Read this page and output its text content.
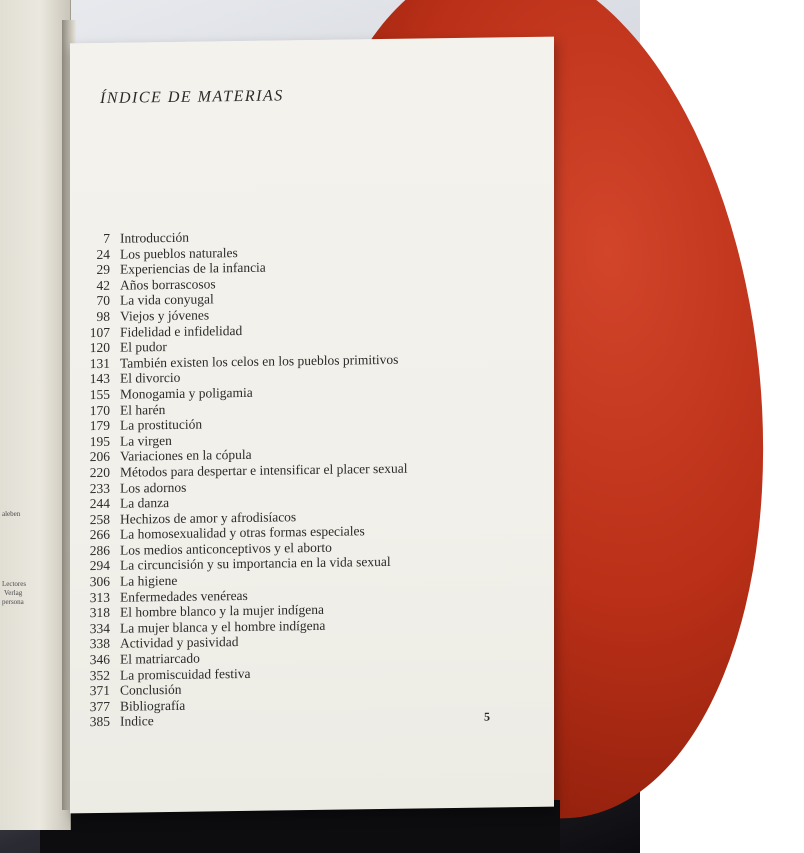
aleben
Lectores
Verlag
persona
ÍNDICE DE MATERIAS
7 Introducción
24 Los pueblos naturales
29 Experiencias de la infancia
42 Años borrascosos
70 La vida conyugal
98 Viejos y jóvenes
107 Fidelidad e infidelidad
120 El pudor
131 También existen los celos en los pueblos primitivos
143 El divorcio
155 Monogamia y poligamia
170 El harén
179 La prostitución
195 La virgen
206 Variaciones en la cópula
220 Métodos para despertar e intensificar el placer sexual
233 Los adornos
244 La danza
258 Hechizos de amor y afrodisíacos
266 La homosexualidad y otras formas especiales
286 Los medios anticonceptivos y el aborto
294 La circuncisión y su importancia en la vida sexual
306 La higiene
313 Enfermedades venéreas
318 El hombre blanco y la mujer indígena
334 La mujer blanca y el hombre indígena
338 Actividad y pasividad
346 El matriarcado
352 La promiscuidad festiva
371 Conclusión
377 Bibliografía
385 Indice	5
